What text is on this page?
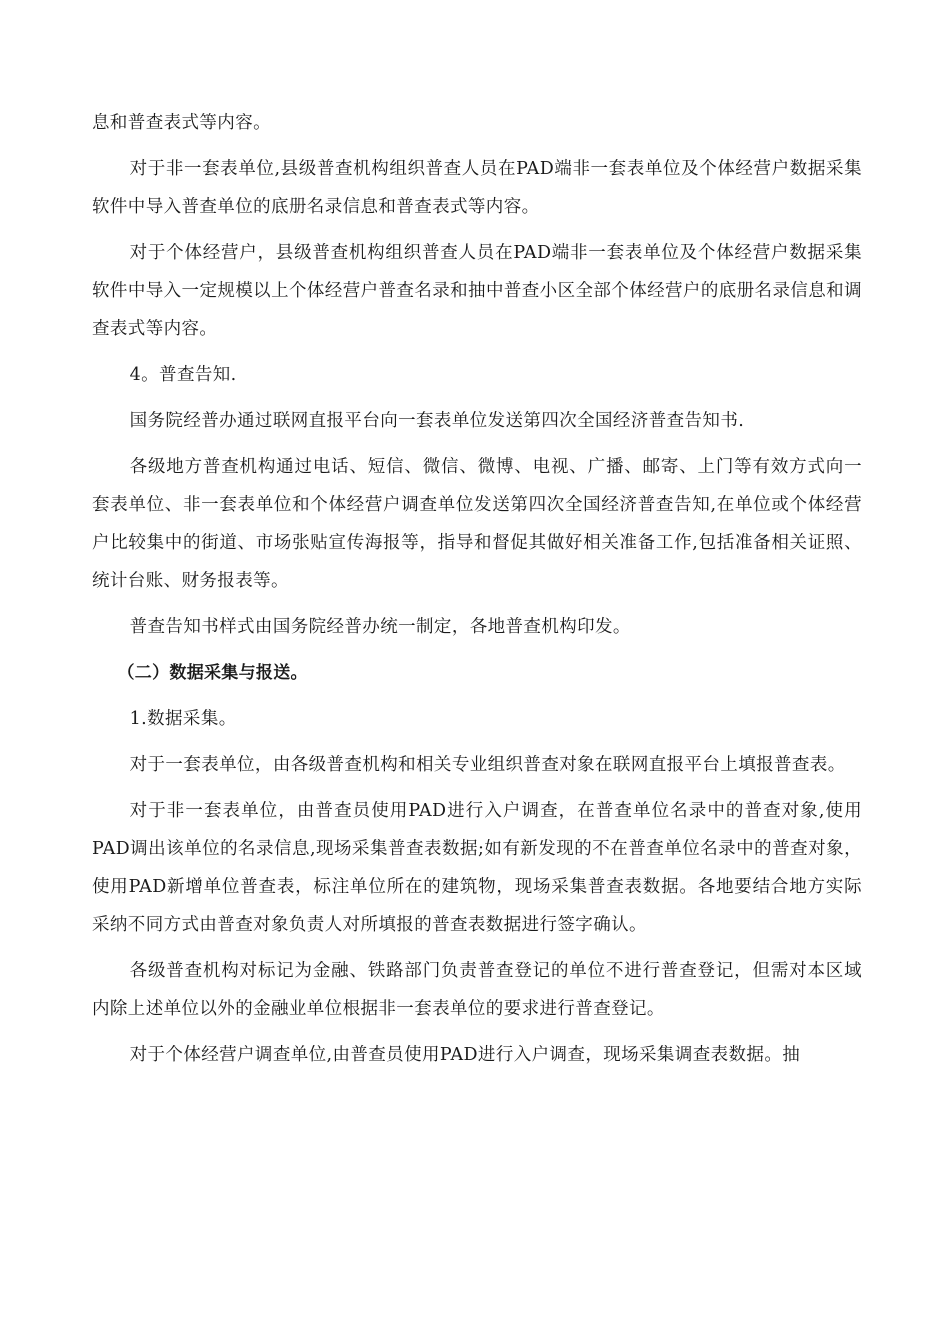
息和普查表式等内容。

对于非一套表单位,县级普查机构组织普查人员在PAD端非一套表单位及个体经营户数据采集软件中导入普查单位的底册名录信息和普查表式等内容。

对于个体经营户，县级普查机构组织普查人员在PAD端非一套表单位及个体经营户数据采集软件中导入一定规模以上个体经营户普查名录和抽中普查小区全部个体经营户的底册名录信息和调查表式等内容。

4。普查告知.

国务院经普办通过联网直报平台向一套表单位发送第四次全国经济普查告知书.

各级地方普查机构通过电话、短信、微信、微博、电视、广播、邮寄、上门等有效方式向一套表单位、非一套表单位和个体经营户调查单位发送第四次全国经济普查告知,在单位或个体经营户比较集中的街道、市场张贴宣传海报等，指导和督促其做好相关准备工作,包括准备相关证照、统计台账、财务报表等。

普查告知书样式由国务院经普办统一制定，各地普查机构印发。

（二）数据采集与报送。

1.数据采集。

对于一套表单位，由各级普查机构和相关专业组织普查对象在联网直报平台上填报普查表。

对于非一套表单位，由普查员使用PAD进行入户调查，在普查单位名录中的普查对象,使用PAD调出该单位的名录信息,现场采集普查表数据;如有新发现的不在普查单位名录中的普查对象，使用PAD新增单位普查表，标注单位所在的建筑物，现场采集普查表数据。各地要结合地方实际采纳不同方式由普查对象负责人对所填报的普查表数据进行签字确认。

各级普查机构对标记为金融、铁路部门负责普查登记的单位不进行普查登记，但需对本区域内除上述单位以外的金融业单位根据非一套表单位的要求进行普查登记。

对于个体经营户调查单位,由普查员使用PAD进行入户调查，现场采集调查表数据。抽
